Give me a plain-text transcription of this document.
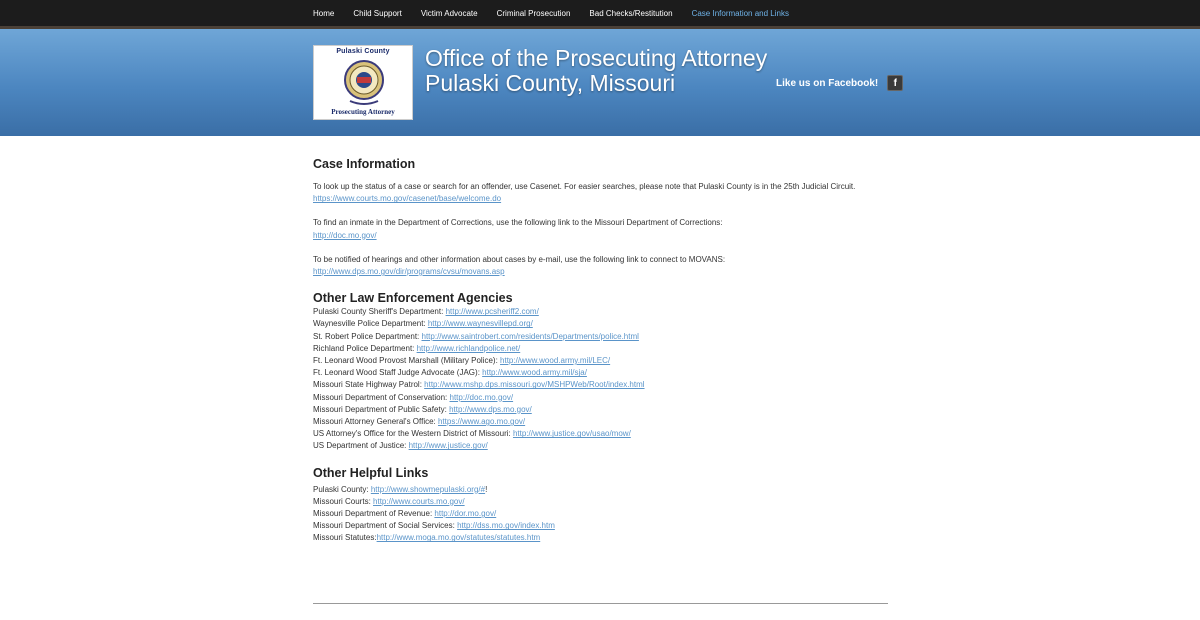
Home Child Support Victim Advocate Criminal Prosecution Bad Checks/Restitution Case Information and Links
Pulaski County
Prosecuting Attorney
Office of the Prosecuting Attorney
Pulaski County, Missouri	Like us on Facebook!	f
Case Information

To look up the status of a case or search for an offender, use Casenet. For easier searches, please note that Pulaski County is in the 25th Judicial Circuit.
https://www.courts.mo.gov/casenet/base/welcome.do

To find an inmate in the Department of Corrections, use the following link to the Missouri Department of Corrections:
http://doc.mo.gov/

To be notified of hearings and other information about cases by e-mail, use the following link to connect to MOVANS:
http://www.dps.mo.gov/dir/programs/cvsu/movans.asp

Other Law Enforcement Agencies
Pulaski County Sheriff's Department: http://www.pcsheriff2.com/
Waynesville Police Department: http://www.waynesvillepd.org/
St. Robert Police Department: http://www.saintrobert.com/residents/Departments/police.html
Richland Police Department: http://www.richlandpolice.net/
Ft. Leonard Wood Provost Marshall (Military Police): http://www.wood.army.mil/LEC/
Ft. Leonard Wood Staff Judge Advocate (JAG): http://www.wood.army.mil/sja/
Missouri State Highway Patrol: http://www.mshp.dps.missouri.gov/MSHPWeb/Root/index.html
Missouri Department of Conservation: http://doc.mo.gov/
Missouri Department of Public Safety: http://www.dps.mo.gov/
Missouri Attorney General's Office: https://www.ago.mo.gov/
US Attorney's Office for the Western District of Missouri: http://www.justice.gov/usao/mow/
US Department of Justice: http://www.justice.gov/
Other Helpful Links
Pulaski County: http://www.showmepulaski.org/#!
Missouri Courts: http://www.courts.mo.gov/
Missouri Department of Revenue: http://dor.mo.gov/
Missouri Department of Social Services: http://dss.mo.gov/index.htm
Missouri Statutes:http://www.moga.mo.gov/statutes/statutes.htm
